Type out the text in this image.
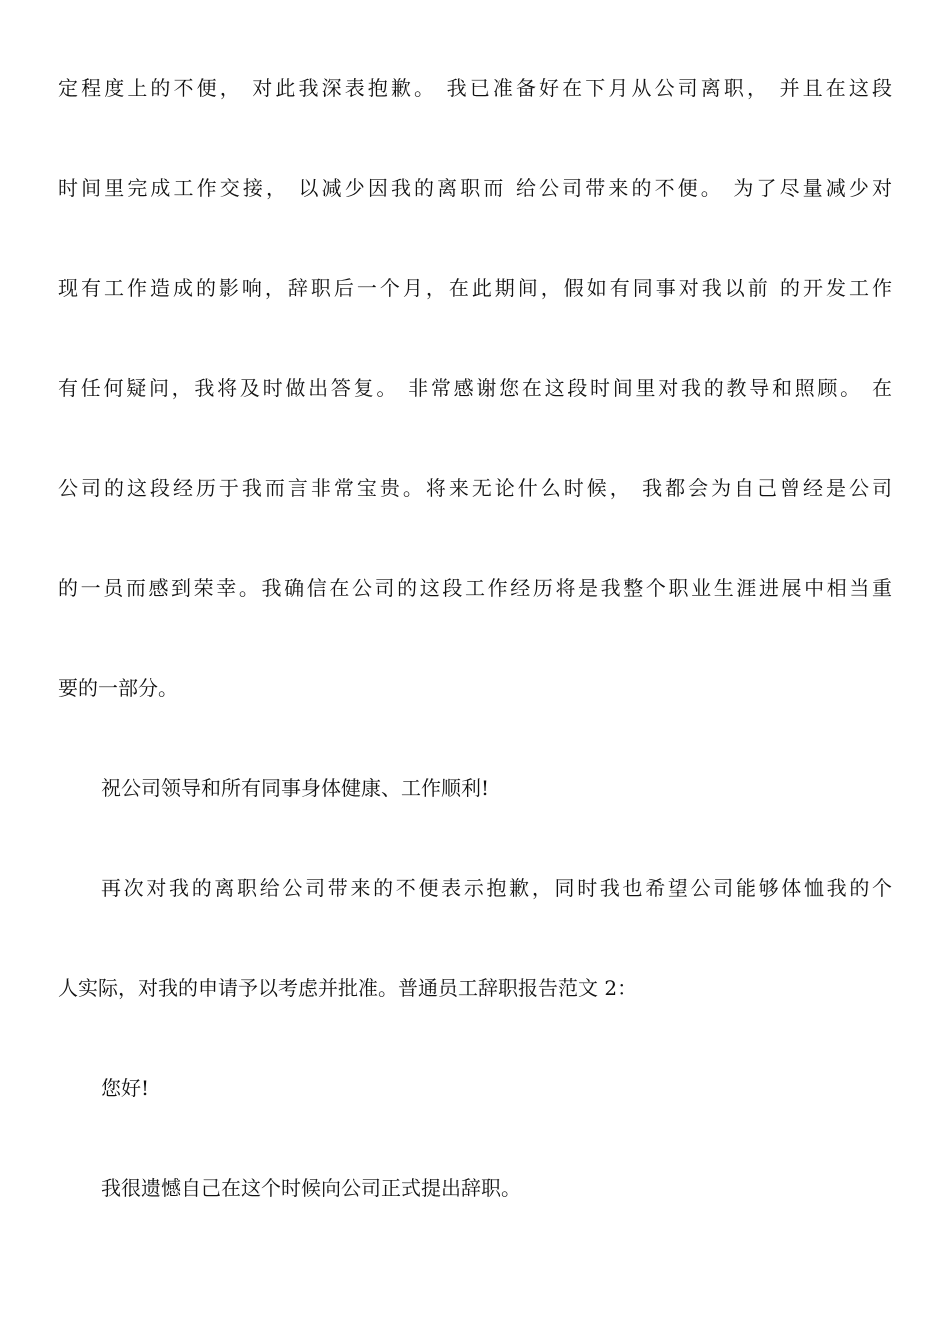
定程度上的不便， 对此我深表抱歉。 我已准备好在下月从公司离职， 并且在这段
时间里完成工作交接， 以减少因我的离职而 给公司带来的不便。 为了尽量减少对
现有工作造成的影响，辞职后一个月，在此期间，假如有同事对我以前 的开发工作
有任何疑问，我将及时做出答复。 非常感谢您在这段时间里对我的教导和照顾。 在
公司的这段经历于我而言非常宝贵。将来无论什么时候， 我都会为自己曾经是公司
的一员而感到荣幸。我确信在公司的这段工作经历将是我整个职业生涯进展中相当重
要的一部分。
祝公司领导和所有同事身体健康、工作顺利!
再次对我的离职给公司带来的不便表示抱歉，同时我也希望公司能够体恤我的个
人实际，对我的申请予以考虑并批准。普通员工辞职报告范文 2：
您好!
我很遗憾自己在这个时候向公司正式提出辞职。
